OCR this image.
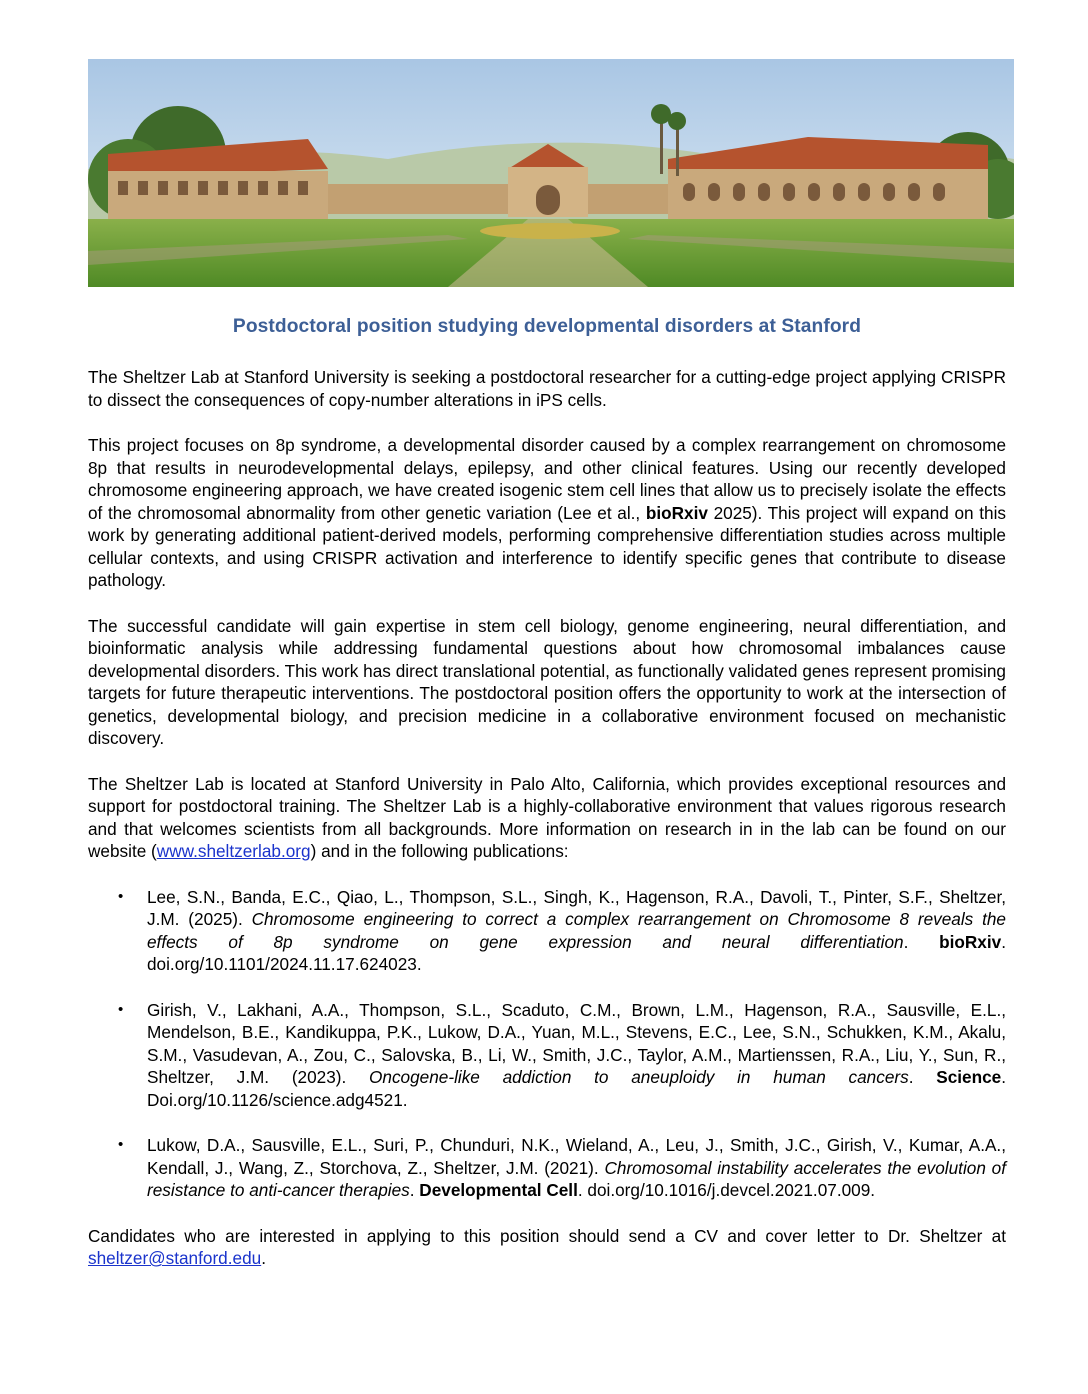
Postdoctoral position studying developmental disorders at Stanford

The Sheltzer Lab at Stanford University is seeking a postdoctoral researcher for a cutting-edge project applying CRISPR to dissect the consequences of copy-number alterations in iPS cells.

This project focuses on 8p syndrome, a developmental disorder caused by a complex rearrangement on chromosome 8p that results in neurodevelopmental delays, epilepsy, and other clinical features. Using our recently developed chromosome engineering approach, we have created isogenic stem cell lines that allow us to precisely isolate the effects of the chromosomal abnormality from other genetic variation (Lee et al., bioRxiv 2025). This project will expand on this work by generating additional patient-derived models, performing comprehensive differentiation studies across multiple cellular contexts, and using CRISPR activation and interference to identify specific genes that contribute to disease pathology.

The successful candidate will gain expertise in stem cell biology, genome engineering, neural differentiation, and bioinformatic analysis while addressing fundamental questions about how chromosomal imbalances cause developmental disorders. This work has direct translational potential, as functionally validated genes represent promising targets for future therapeutic interventions. The postdoctoral position offers the opportunity to work at the intersection of genetics, developmental biology, and precision medicine in a collaborative environment focused on mechanistic discovery.

The Sheltzer Lab is located at Stanford University in Palo Alto, California, which provides exceptional resources and support for postdoctoral training. The Sheltzer Lab is a highly-collaborative environment that values rigorous research and that welcomes scientists from all backgrounds. More information on research in in the lab can be found on our website (www.sheltzerlab.org) and in the following publications:

• Lee, S.N., Banda, E.C., Qiao, L., Thompson, S.L., Singh, K., Hagenson, R.A., Davoli, T., Pinter, S.F., Sheltzer, J.M. (2025). Chromosome engineering to correct a complex rearrangement on Chromosome 8 reveals the effects of 8p syndrome on gene expression and neural differentiation. bioRxiv. doi.org/10.1101/2024.11.17.624023.
• Girish, V., Lakhani, A.A., Thompson, S.L., Scaduto, C.M., Brown, L.M., Hagenson, R.A., Sausville, E.L., Mendelson, B.E., Kandikuppa, P.K., Lukow, D.A., Yuan, M.L., Stevens, E.C., Lee, S.N., Schukken, K.M., Akalu, S.M., Vasudevan, A., Zou, C., Salovska, B., Li, W., Smith, J.C., Taylor, A.M., Martienssen, R.A., Liu, Y., Sun, R., Sheltzer, J.M. (2023). Oncogene-like addiction to aneuploidy in human cancers. Science. Doi.org/10.1126/science.adg4521.
• Lukow, D.A., Sausville, E.L., Suri, P., Chunduri, N.K., Wieland, A., Leu, J., Smith, J.C., Girish, V., Kumar, A.A., Kendall, J., Wang, Z., Storchova, Z., Sheltzer, J.M. (2021). Chromosomal instability accelerates the evolution of resistance to anti-cancer therapies. Developmental Cell. doi.org/10.1016/j.devcel.2021.07.009.

Candidates who are interested in applying to this position should send a CV and cover letter to Dr. Sheltzer at sheltzer@stanford.edu.
